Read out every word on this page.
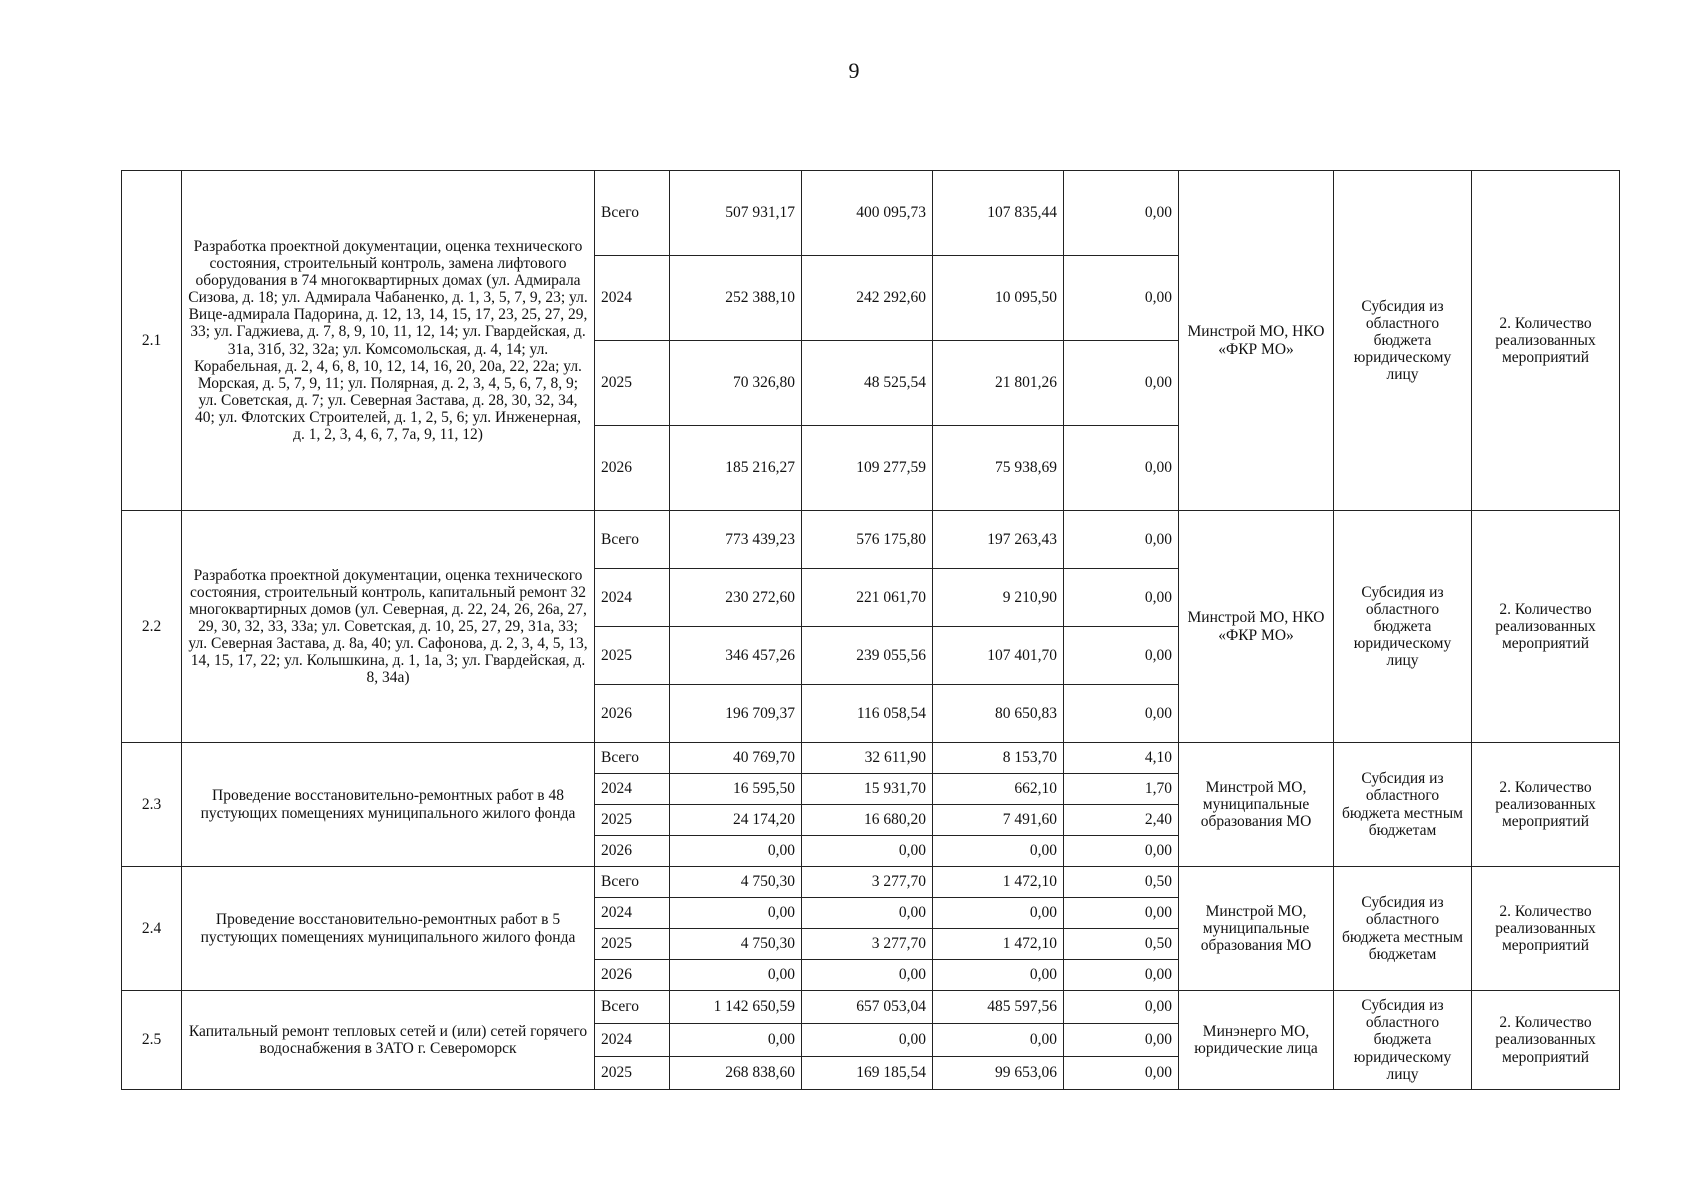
9
2.1	Разработка проектной документации, оценка технического состояния, строительный контроль, замена лифтового оборудования в 74 многоквартирных домах (ул. Адмирала Сизова, д. 18; ул. Адмирала Чабаненко, д. 1, 3, 5, 7, 9, 23; ул. Вице-адмирала Падорина, д. 12, 13, 14, 15, 17, 23, 25, 27, 29, 33; ул. Гаджиева, д. 7, 8, 9, 10, 11, 12, 14; ул. Гвардейская, д. 31а, 31б, 32, 32а; ул. Комсомольская, д. 4, 14; ул. Корабельная, д. 2, 4, 6, 8, 10, 12, 14, 16, 20, 20а, 22, 22а; ул. Морская, д. 5, 7, 9, 11; ул. Полярная, д. 2, 3, 4, 5, 6, 7, 8, 9; ул. Советская, д. 7; ул. Северная Застава, д. 28, 30, 32, 34, 40; ул. Флотских Строителей, д. 1, 2, 5, 6; ул. Инженерная, д. 1, 2, 3, 4, 6, 7, 7а, 9, 11, 12)	Всего	507 931,17	400 095,73	107 835,44	0,00	Минстрой МО, НКО «ФКР МО»	Субсидия из областного бюджета юридическому лицу	2. Количество реализованных мероприятий
		2024	252 388,10	242 292,60	10 095,50	0,00			
		2025	70 326,80	48 525,54	21 801,26	0,00			
		2026	185 216,27	109 277,59	75 938,69	0,00			
2.2	Разработка проектной документации, оценка технического состояния, строительный контроль, капитальный ремонт 32 многоквартирных домов (ул. Северная, д. 22, 24, 26, 26а, 27, 29, 30, 32, 33, 33а; ул. Советская, д. 10, 25, 27, 29, 31а, 33; ул. Северная Застава, д. 8а, 40; ул. Сафонова, д. 2, 3, 4, 5, 13, 14, 15, 17, 22; ул. Колышкина, д. 1, 1а, 3; ул. Гвардейская, д. 8, 34а)	Всего	773 439,23	576 175,80	197 263,43	0,00	Минстрой МО, НКО «ФКР МО»	Субсидия из областного бюджета юридическому лицу	2. Количество реализованных мероприятий
		2024	230 272,60	221 061,70	9 210,90	0,00			
		2025	346 457,26	239 055,56	107 401,70	0,00			
		2026	196 709,37	116 058,54	80 650,83	0,00			
2.3	Проведение восстановительно-ремонтных работ в 48 пустующих помещениях муниципального жилого фонда	Всего	40 769,70	32 611,90	8 153,70	4,10	Минстрой МО, муниципальные образования МО	Субсидия из областного бюджета местным бюджетам	2. Количество реализованных мероприятий
		2024	16 595,50	15 931,70	662,10	1,70			
		2025	24 174,20	16 680,20	7 491,60	2,40			
		2026	0,00	0,00	0,00	0,00			
2.4	Проведение восстановительно-ремонтных работ в 5 пустующих помещениях муниципального жилого фонда	Всего	4 750,30	3 277,70	1 472,10	0,50	Минстрой МО, муниципальные образования МО	Субсидия из областного бюджета местным бюджетам	2. Количество реализованных мероприятий
		2024	0,00	0,00	0,00	0,00			
		2025	4 750,30	3 277,70	1 472,10	0,50			
		2026	0,00	0,00	0,00	0,00			
2.5	Капитальный ремонт тепловых сетей и (или) сетей горячего водоснабжения в ЗАТО г. Североморск	Всего	1 142 650,59	657 053,04	485 597,56	0,00	Минэнерго МО, юридические лица	Субсидия из областного бюджета юридическому лицу	2. Количество реализованных мероприятий
		2024	0,00	0,00	0,00	0,00			
		2025	268 838,60	169 185,54	99 653,06	0,00			
